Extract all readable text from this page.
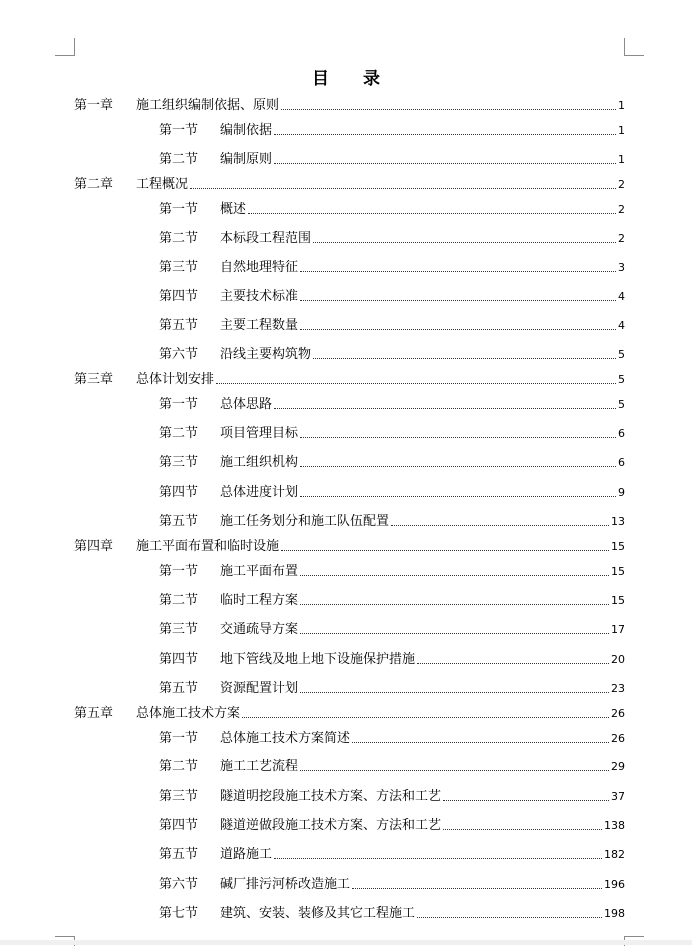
目 录
第一章	施工组织编制依据、原则	1
第一节	编制依据	1
第二节	编制原则	1
第二章	工程概况	2
第一节	概述	2
第二节	本标段工程范围	2
第三节	自然地理特征	3
第四节	主要技术标准	4
第五节	主要工程数量	4
第六节	沿线主要构筑物	5
第三章	总体计划安排	5
第一节	总体思路	5
第二节	项目管理目标	6
第三节	施工组织机构	6
第四节	总体进度计划	9
第五节	施工任务划分和施工队伍配置	13
第四章	施工平面布置和临时设施	15
第一节	施工平面布置	15
第二节	临时工程方案	15
第三节	交通疏导方案	17
第四节	地下管线及地上地下设施保护措施	20
第五节	资源配置计划	23
第五章	总体施工技术方案	26
第一节	总体施工技术方案简述	26
第二节	施工工艺流程	29
第三节	隧道明挖段施工技术方案、方法和工艺	37
第四节	隧道逆做段施工技术方案、方法和工艺	138
第五节	道路施工	182
第六节	碱厂排污河桥改造施工	196
第七节	建筑、安装、装修及其它工程施工	198
